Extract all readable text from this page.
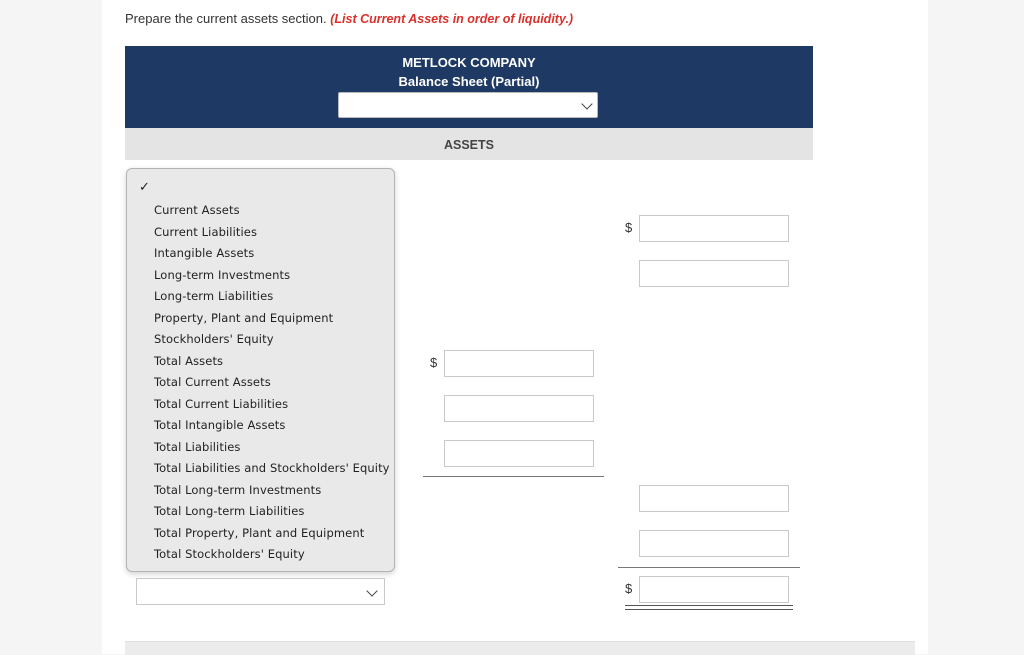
Prepare the current assets section. (List Current Assets in order of liquidity.)
METLOCK COMPANY
Balance Sheet (Partial)
ASSETS
$
$
$
✓
Current Assets
Current Liabilities
Intangible Assets
Long-term Investments
Long-term Liabilities
Property, Plant and Equipment
Stockholders' Equity
Total Assets
Total Current Assets
Total Current Liabilities
Total Intangible Assets
Total Liabilities
Total Liabilities and Stockholders' Equity
Total Long-term Investments
Total Long-term Liabilities
Total Property, Plant and Equipment
Total Stockholders' Equity
